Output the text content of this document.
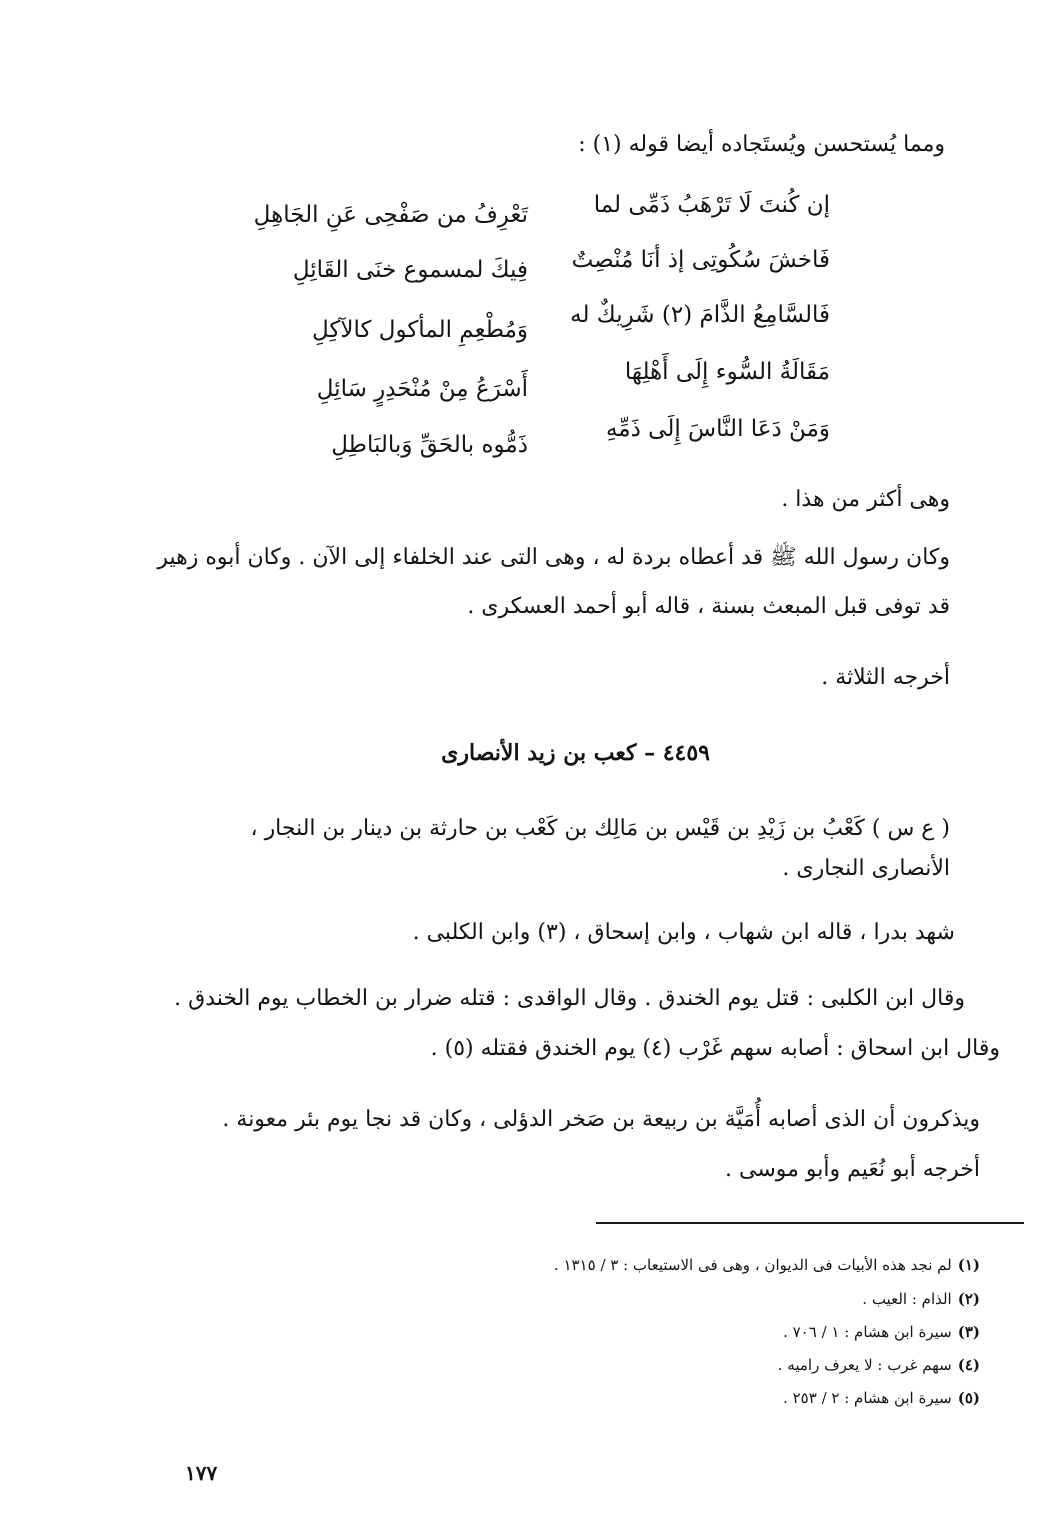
ومما يُستحسن ويُستَجاده أيضا قوله (١) :
إن كُنتَ لَا تَرْهَبُ ذَمِّى لما
تَعْرِفُ من صَفْحِى عَنِ الجَاهِلِ
فَاخشَ سُكُوتِى إذ أنَا مُنْصِتٌ
فِيكَ لمسموع خنَى القَائِلِ
فَالسَّامِعُ الذَّامَ (٢) شَرِيكٌ له
وَمُطْعِمِ المأكول كالآكِلِ
مَقَالَةُ السُّوء إِلَى أَهْلِهَا
أَسْرَعُ مِنْ مُنْحَدِرٍ سَائِلِ
وَمَنْ دَعَا النَّاسَ إِلَى ذَمِّهِ
ذَمُّوه بالحَقِّ وَبالبَاطِلِ
وهى أكثر من هذا .
وكان رسول الله ﷺ قد أعطاه بردة له ، وهى التى عند الخلفاء إلى الآن . وكان أبوه زهير
قد توفى قبل المبعث بسنة ، قاله أبو أحمد العسكرى .
أخرجه الثلاثة .
٤٤٥٩ – كعب بن زيد الأنصارى
( ع س ) كَعْبُ بن زَيْدِ بن قَيْس بن مَالِك بن كَعْب بن حارثة بن دينار بن النجار ،
الأنصارى النجارى .
شهد بدرا ، قاله ابن شهاب ، وابن إسحاق ، (٣) وابن الكلبى .
وقال ابن الكلبى : قتل يوم الخندق . وقال الواقدى : قتله ضرار بن الخطاب يوم الخندق .
وقال ابن اسحاق : أصابه سهم غَرْب (٤) يوم الخندق فقتله (٥) .
ويذكرون أن الذى أصابه أُمَيَّة بن ربيعة بن صَخر الدؤلى ، وكان قد نجا يوم بئر معونة .
أخرجه أبو نُعَيم وأبو موسى .
(١)لم نجد هذه الأبيات فى الديوان ، وهى فى الاستيعاب : ٣ / ١٣١٥ .
(٢)الذام : العيب .
(٣)سيرة ابن هشام : ١ / ٧٠٦ .
(٤)سهم غرب : لا يعرف راميه .
(٥)سيرة ابن هشام : ٢ / ٢٥٣ .
١٧٧
